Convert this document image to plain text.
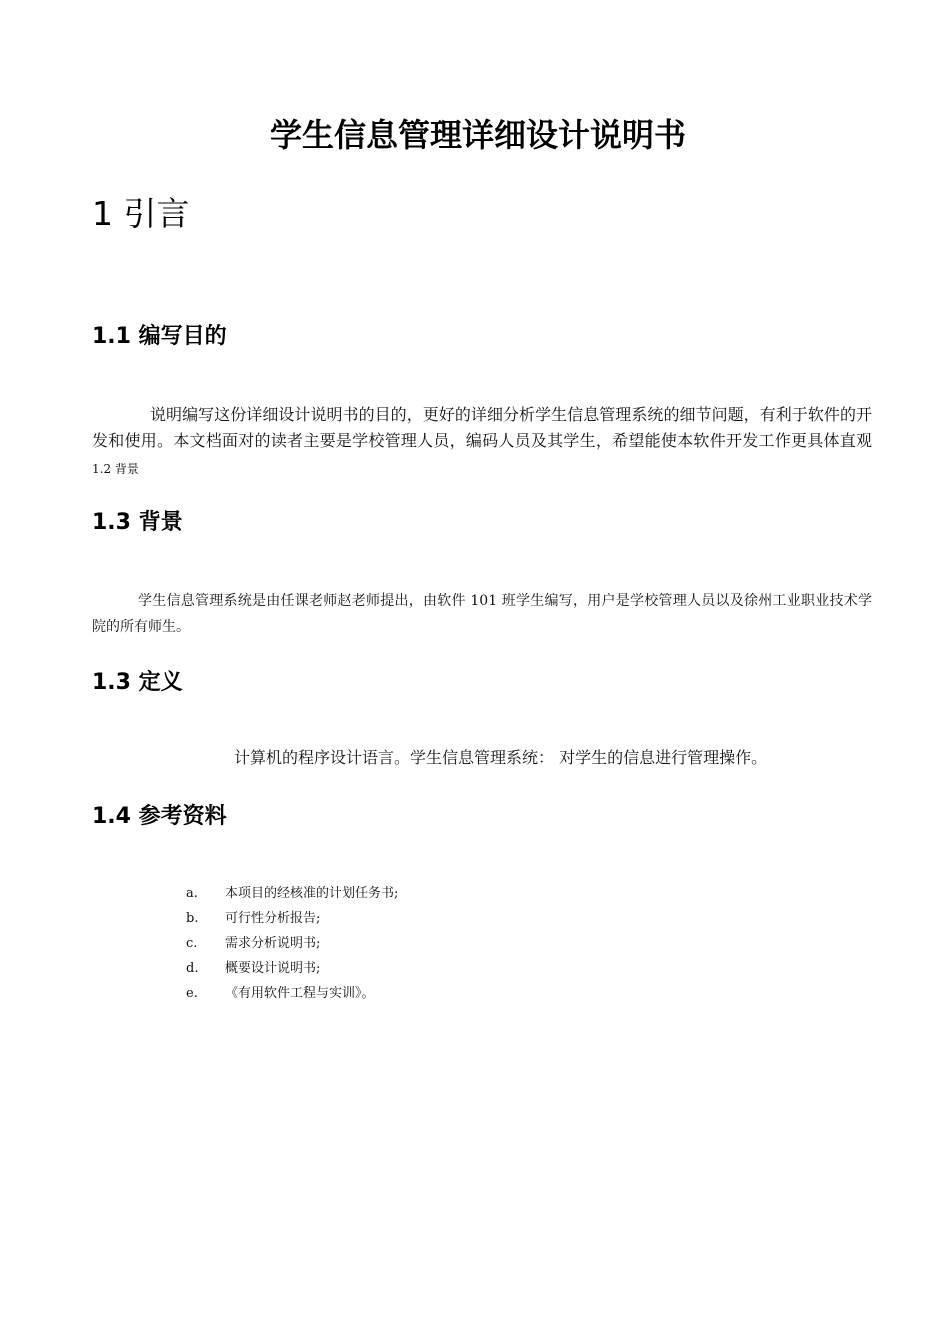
学生信息管理详细设计说明书
1 引言
1.1 编写目的

说明编写这份详细设计说明书的目的，更好的详细分析学生信息管理系统的细节问题，有利于软件的开发和使用。本文档面对的读者主要是学校管理人员，编码人员及其学生，希望能使本软件开发工作更具体直观 1.2 背景

1.3 背景

学生信息管理系统是由任课老师赵老师提出，由软件 101 班学生编写，用户是学校管理人员以及徐州工业职业技术学院的所有师生。

1.3 定义

计算机的程序设计语言。学生信息管理系统： 对学生的信息进行管理操作。

1.4 参考资料
a. 本项目的经核准的计划任务书;
b. 可行性分析报告;
c. 需求分析说明书;
d. 概要设计说明书;
e. 《有用软件工程与实训》。
